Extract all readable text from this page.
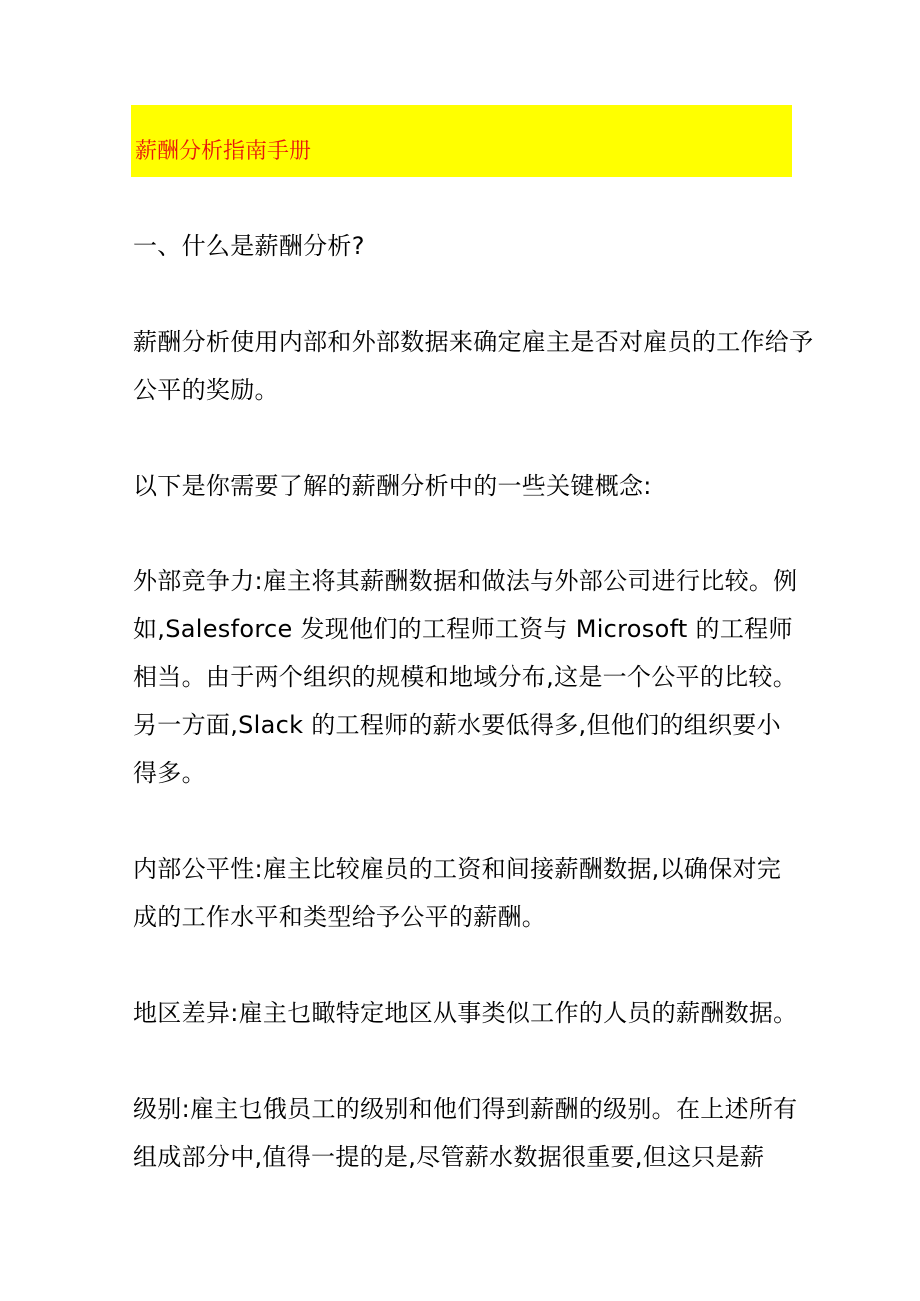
薪酬分析指南手册

一、什么是薪酬分析?

薪酬分析使用内部和外部数据来确定雇主是否对雇员的工作给予
公平的奖励。

以下是你需要了解的薪酬分析中的一些关键概念:

外部竞争力:雇主将其薪酬数据和做法与外部公司进行比较。例
如,Salesforce 发现他们的工程师工资与 Microsoft 的工程师
相当。由于两个组织的规模和地域分布,这是一个公平的比较。
另一方面,Slack 的工程师的薪水要低得多,但他们的组织要小
得多。

内部公平性:雇主比较雇员的工资和间接薪酬数据,以确保对完
成的工作水平和类型给予公平的薪酬。

地区差异:雇主乜瞰特定地区从事类似工作的人员的薪酬数据。

级别:雇主乜俄员工的级别和他们得到薪酬的级别。在上述所有
组成部分中,值得一提的是,尽管薪水数据很重要,但这只是薪
